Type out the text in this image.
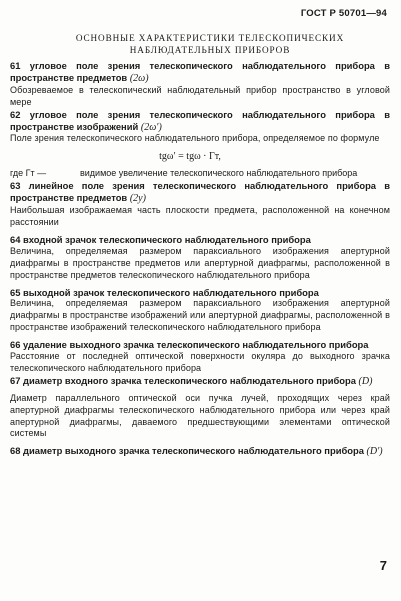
ГОСТ Р 50701—94
ОСНОВНЫЕ ХАРАКТЕРИСТИКИ ТЕЛЕСКОПИЧЕСКИХ
НАБЛЮДАТЕЛЬНЫХ ПРИБОРОВ
61 угловое поле зрения телескопического наблюдательного прибора в пространстве предметов (2ω)
Обозреваемое в телескопический наблюдательный прибор пространство в угловой мере
62 угловое поле зрения телескопического наблюдательного прибора в пространстве изображений (2ω′)
Поле зрения телескопического наблюдательного прибора, определяемое по формуле
tgω′ = tgω · Гт,
где Гт —	видимое увеличение телескопического наблюдательного прибора
63 линейное поле зрения телескопического наблюдательного прибора в пространстве предметов (2y)
Наибольшая изображаемая часть плоскости предмета, расположенной на конечном расстоянии
64 входной зрачок телескопического наблюдательного прибора
Величина, определяемая размером параксиального изображения апертурной диафрагмы в пространстве предметов или апертурной диафрагмы, расположенной в пространстве предметов телескопического наблюдательного прибора
65 выходной зрачок телескопического наблюдательного прибора
Величина, определяемая размером параксиального изображения апертурной диафрагмы в пространстве изображений или апертурной диафрагмы, расположенной в пространстве изображений телескопического наблюдательного прибора
66 удаление выходного зрачка телескопического наблюдательного прибора
Расстояние от последней оптической поверхности окуляра до выходного зрачка телескопического наблюдательного прибора
67 диаметр входного зрачка телескопического наблюдательного прибора (D)
Диаметр параллельного оптической оси пучка лучей, проходящих через край апертурной диафрагмы телескопического наблюдательного прибора или через край апертурной диафрагмы, даваемого предшествующими элементами оптической системы
68 диаметр выходного зрачка телескопического наблюдательного прибора (D′)
7
